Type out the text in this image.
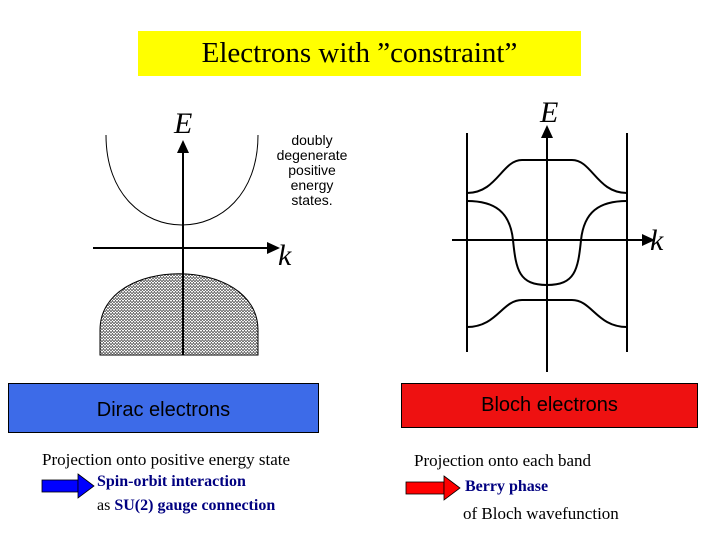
Electrons with ”constraint”
E
k
E
k
doubly
degenerate
positive
energy
states.
Dirac electrons	Bloch electrons
Projection onto positive energy state
Spin-orbit interaction
as SU(2) gauge connection
Projection onto each band
Berry phase
of Bloch wavefunction
